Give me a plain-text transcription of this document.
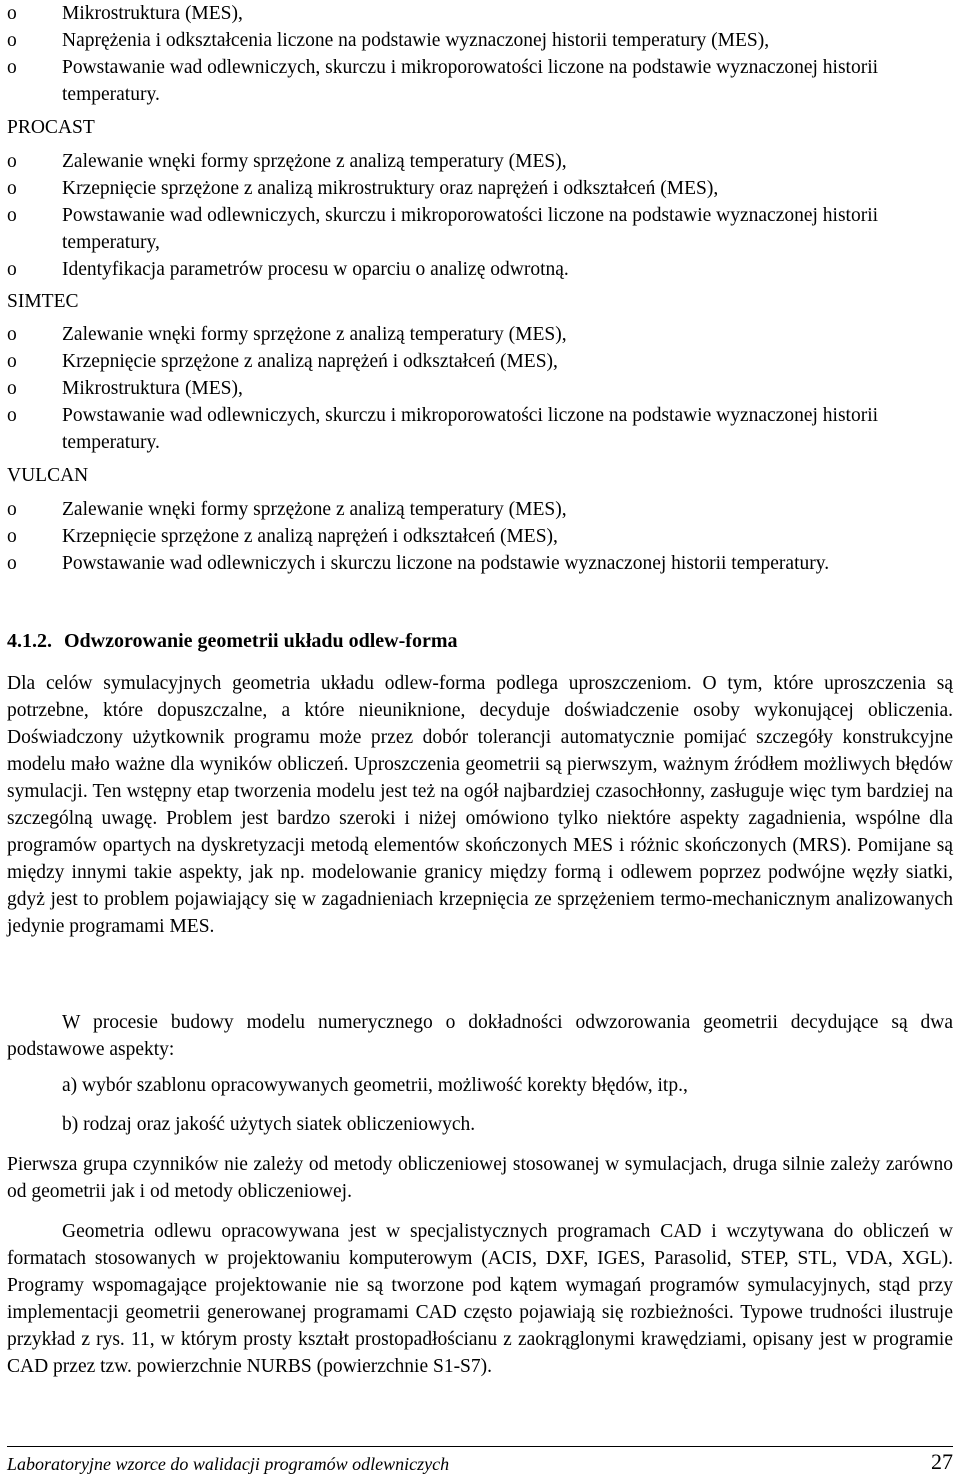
o	Mikrostruktura (MES),
o	Naprężenia i odkształcenia liczone na podstawie wyznaczonej historii temperatury (MES),
o	Powstawanie wad odlewniczych, skurczu i mikroporowatości liczone na podstawie wyznaczonej historii temperatury.
PROCAST
o	Zalewanie wnęki formy sprzężone z analizą temperatury (MES),
o	Krzepnięcie sprzężone z analizą mikrostruktury oraz naprężeń i odkształceń (MES),
o	Powstawanie wad odlewniczych, skurczu i mikroporowatości liczone na podstawie wyznaczonej historii temperatury,
o	Identyfikacja parametrów procesu w oparciu o analizę odwrotną.
SIMTEC
o	Zalewanie wnęki formy sprzężone z analizą temperatury (MES),
o	Krzepnięcie sprzężone z analizą naprężeń i odkształceń (MES),
o	Mikrostruktura (MES),
o	Powstawanie wad odlewniczych, skurczu i mikroporowatości liczone na podstawie wyznaczonej historii temperatury.
VULCAN
o	Zalewanie wnęki formy sprzężone z analizą temperatury (MES),
o	Krzepnięcie sprzężone z analizą naprężeń i odkształceń (MES),
o	Powstawanie wad odlewniczych i skurczu liczone na podstawie wyznaczonej historii temperatury.
4.1.2. Odwzorowanie geometrii układu odlew-forma
Dla celów symulacyjnych geometria układu odlew-forma podlega uproszczeniom. O tym, które uproszczenia są potrzebne, które dopuszczalne, a które nieuniknione, decyduje doświadczenie osoby wykonującej obliczenia. Doświadczony użytkownik programu może przez dobór tolerancji automatycznie pomijać szczegóły konstrukcyjne modelu mało ważne dla wyników obliczeń. Uproszczenia geometrii są pierwszym, ważnym źródłem możliwych błędów symulacji. Ten wstępny etap tworzenia modelu jest też na ogół najbardziej czasochłonny, zasługuje więc tym bardziej na szczególną uwagę. Problem jest bardzo szeroki i niżej omówiono tylko niektóre aspekty zagadnienia, wspólne dla programów opartych na dyskretyzacji metodą elementów skończonych MES i różnic skończonych (MRS). Pomijane są między innymi takie aspekty, jak np. modelowanie granicy między formą i odlewem poprzez podwójne węzły siatki, gdyż jest to problem pojawiający się w zagadnieniach krzepnięcia ze sprzężeniem termo-mechanicznym analizowanych jedynie programami MES.
W procesie budowy modelu numerycznego o dokładności odwzorowania geometrii decydujące są dwa podstawowe aspekty:
a) wybór szablonu opracowywanych geometrii, możliwość korekty błędów, itp.,
b) rodzaj oraz jakość użytych siatek obliczeniowych.
Pierwsza grupa czynników nie zależy od metody obliczeniowej stosowanej w symulacjach, druga silnie zależy zarówno od geometrii jak i od metody obliczeniowej.
Geometria odlewu opracowywana jest w specjalistycznych programach CAD i wczytywana do obliczeń w formatach stosowanych w projektowaniu komputerowym (ACIS, DXF, IGES, Parasolid, STEP, STL, VDA, XGL). Programy wspomagające projektowanie nie są tworzone pod kątem wymagań programów symulacyjnych, stąd przy implementacji geometrii generowanej programami CAD często pojawiają się rozbieżności. Typowe trudności ilustruje przykład z rys. 11, w którym prosty kształt prostopadłościanu z zaokrąglonymi krawędziami, opisany jest w programie CAD przez tzw. powierzchnie NURBS (powierzchnie S1-S7).
Laboratoryjne wzorce do walidacji programów odlewniczych	27
